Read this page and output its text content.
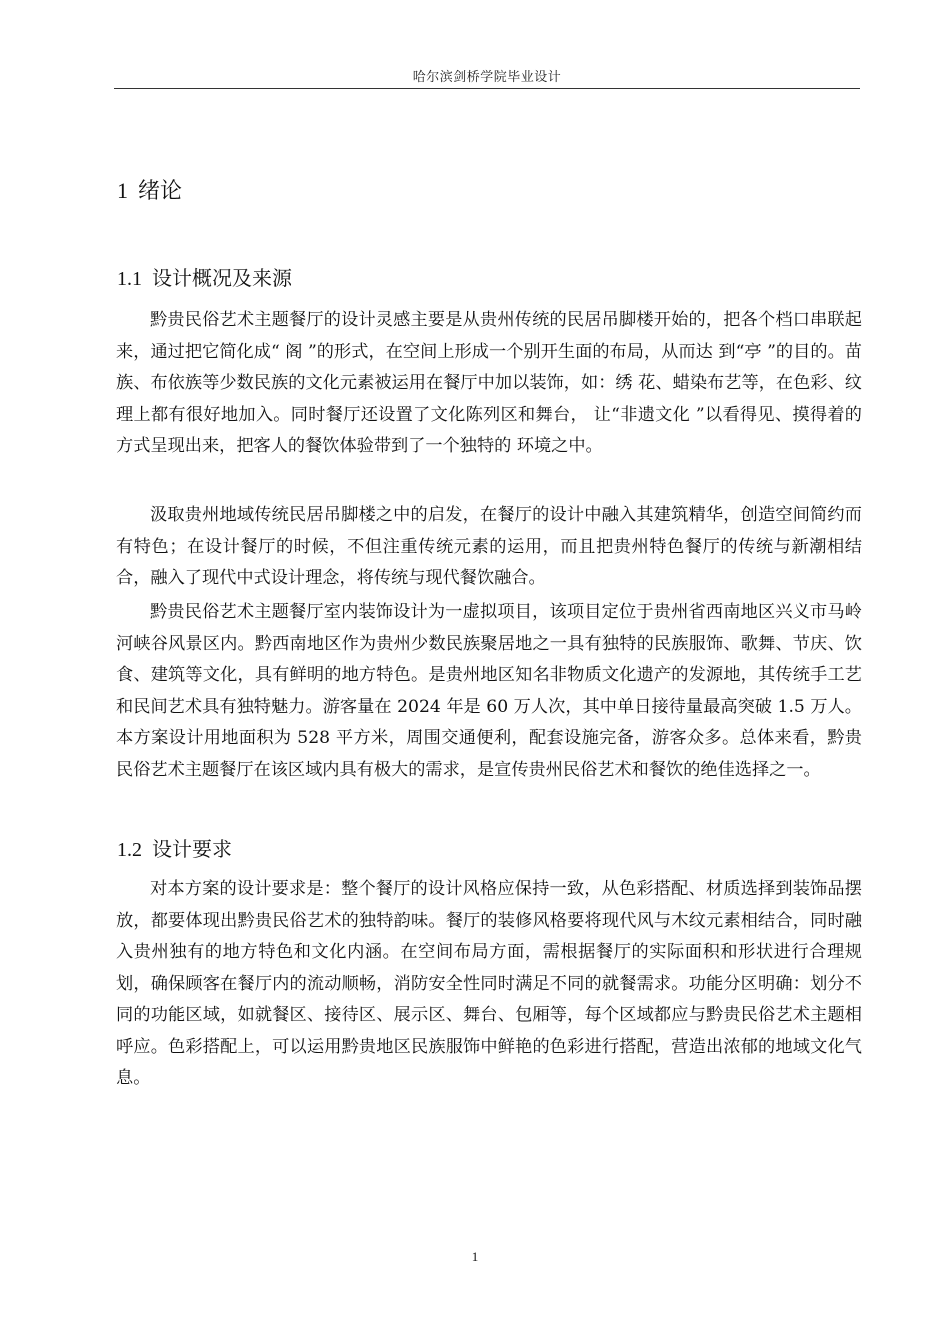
哈尔滨剑桥学院毕业设计
1 绪论
1.1 设计概况及来源

黔贵民俗艺术主题餐厅的设计灵感主要是从贵州传统的民居吊脚楼开始的，把各个档口串联起来，通过把它简化成“ 阁 ”的形式，在空间上形成一个别开生面的布局，从而达 到“亭 ”的目的。苗族、布依族等少数民族的文化元素被运用在餐厅中加以装饰，如：绣 花、蜡染布艺等，在色彩、纹理上都有很好地加入。同时餐厅还设置了文化陈列区和舞台， 让“非遗文化 ”以看得见、摸得着的方式呈现出来，把客人的餐饮体验带到了一个独特的 环境之中。

汲取贵州地域传统民居吊脚楼之中的启发，在餐厅的设计中融入其建筑精华，创造空间简约而有特色；在设计餐厅的时候，不但注重传统元素的运用，而且把贵州特色餐厅的传统与新潮相结合，融入了现代中式设计理念，将传统与现代餐饮融合。

黔贵民俗艺术主题餐厅室内装饰设计为一虚拟项目，该项目定位于贵州省西南地区兴义市马岭河峡谷风景区内。黔西南地区作为贵州少数民族聚居地之一具有独特的民族服饰、歌舞、节庆、饮食、建筑等文化，具有鲜明的地方特色。是贵州地区知名非物质文化遗产的发源地，其传统手工艺和民间艺术具有独特魅力。游客量在 2024 年是 60 万人次，其中单日接待量最高突破 1.5 万人。本方案设计用地面积为 528 平方米，周围交通便利，配套设施完备，游客众多。总体来看，黔贵民俗艺术主题餐厅在该区域内具有极大的需求，是宣传贵州民俗艺术和餐饮的绝佳选择之一。

1.2 设计要求

对本方案的设计要求是：整个餐厅的设计风格应保持一致，从色彩搭配、材质选择到装饰品摆放，都要体现出黔贵民俗艺术的独特韵味。餐厅的装修风格要将现代风与木纹元素相结合，同时融入贵州独有的地方特色和文化内涵。在空间布局方面，需根据餐厅的实际面积和形状进行合理规划，确保顾客在餐厅内的流动顺畅，消防安全性同时满足不同的就餐需求。功能分区明确：划分不同的功能区域，如就餐区、接待区、展示区、舞台、包厢等，每个区域都应与黔贵民俗艺术主题相呼应。色彩搭配上，可以运用黔贵地区民族服饰中鲜艳的色彩进行搭配，营造出浓郁的地域文化气息。

1
